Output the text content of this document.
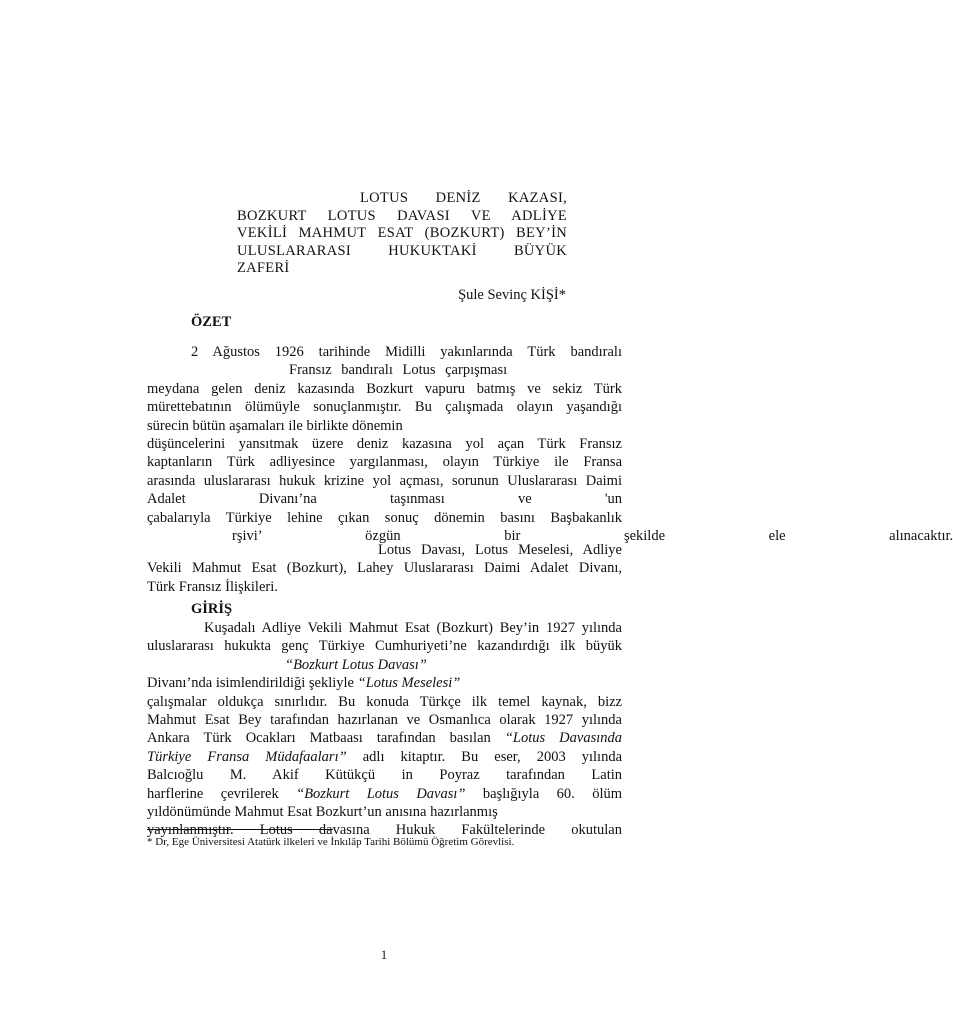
LOTUS DENİZ KAZASI,
BOZKURT LOTUS DAVASI VE ADLİYE
VEKİLİ MAHMUT ESAT (BOZKURT) BEY’İN
ULUSLARARASI HUKUKTAKİ BÜYÜK
ZAFERİ
Şule Sevinç KİŞİ*
ÖZET
2 Ağustos 1926 tarihinde Midilli yakınlarında Türk bandıralı
Fransız bandıralı Lotus çarpışması
meydana gelen deniz kazasında Bozkurt vapuru batmış ve sekiz Türk
mürettebatının ölümüyle sonuçlanmıştır. Bu çalışmada olayın yaşandığı
sürecin bütün aşamaları ile birlikte dönemin
düşüncelerini yansıtmak üzere deniz kazasına yol açan Türk Fransız
kaptanların Türk adliyesince yargılanması, olayın Türkiye ile Fransa
arasında uluslararası hukuk krizine yol açması, sorunun Uluslararası Daimi
Adalet Divanı’na taşınması ve 'un
çabalarıyla Türkiye lehine çıkan sonuç dönemin basını Başbakanlık
rşivi’ özgün bir şekilde ele alınacaktır.
Lotus Davası, Lotus Meselesi, Adliye
Vekili Mahmut Esat (Bozkurt), Lahey Uluslararası Daimi Adalet Divanı,
Türk Fransız İlişkileri.
GİRİŞ
Kuşadalı Adliye Vekili Mahmut Esat (Bozkurt) Bey’in 1927 yılında
uluslararası hukukta genç Türkiye Cumhuriyeti’ne kazandırdığı ilk büyük
“Bozkurt Lotus Davası”
Divanı’nda isimlendirildiği şekliyle “Lotus Meselesi”
çalışmalar oldukça sınırlıdır. Bu konuda Türkçe ilk temel kaynak, bizz
Mahmut Esat Bey tarafından hazırlanan ve Osmanlıca olarak 1927 yılında
Ankara Türk Ocakları Matbaası tarafından basılan “Lotus Davasında
Türkiye Fransa Müdafaaları” adlı kitaptır. Bu eser, 2003 yılında
Balcıoğlu M. Akif Kütükçü in Poyraz tarafından Latin
harflerine çevrilerek “Bozkurt Lotus Davası” başlığıyla 60. ölüm
yıldönümünde Mahmut Esat Bozkurt’un anısına hazırlanmış
yayınlanmıştır. Lotus davasına Hukuk Fakültelerinde okutulan
* Dr, Ege Üniversitesi Atatürk ilkeleri ve İnkılâp Tarihi Bölümü Öğretim Görevlisi.
1
